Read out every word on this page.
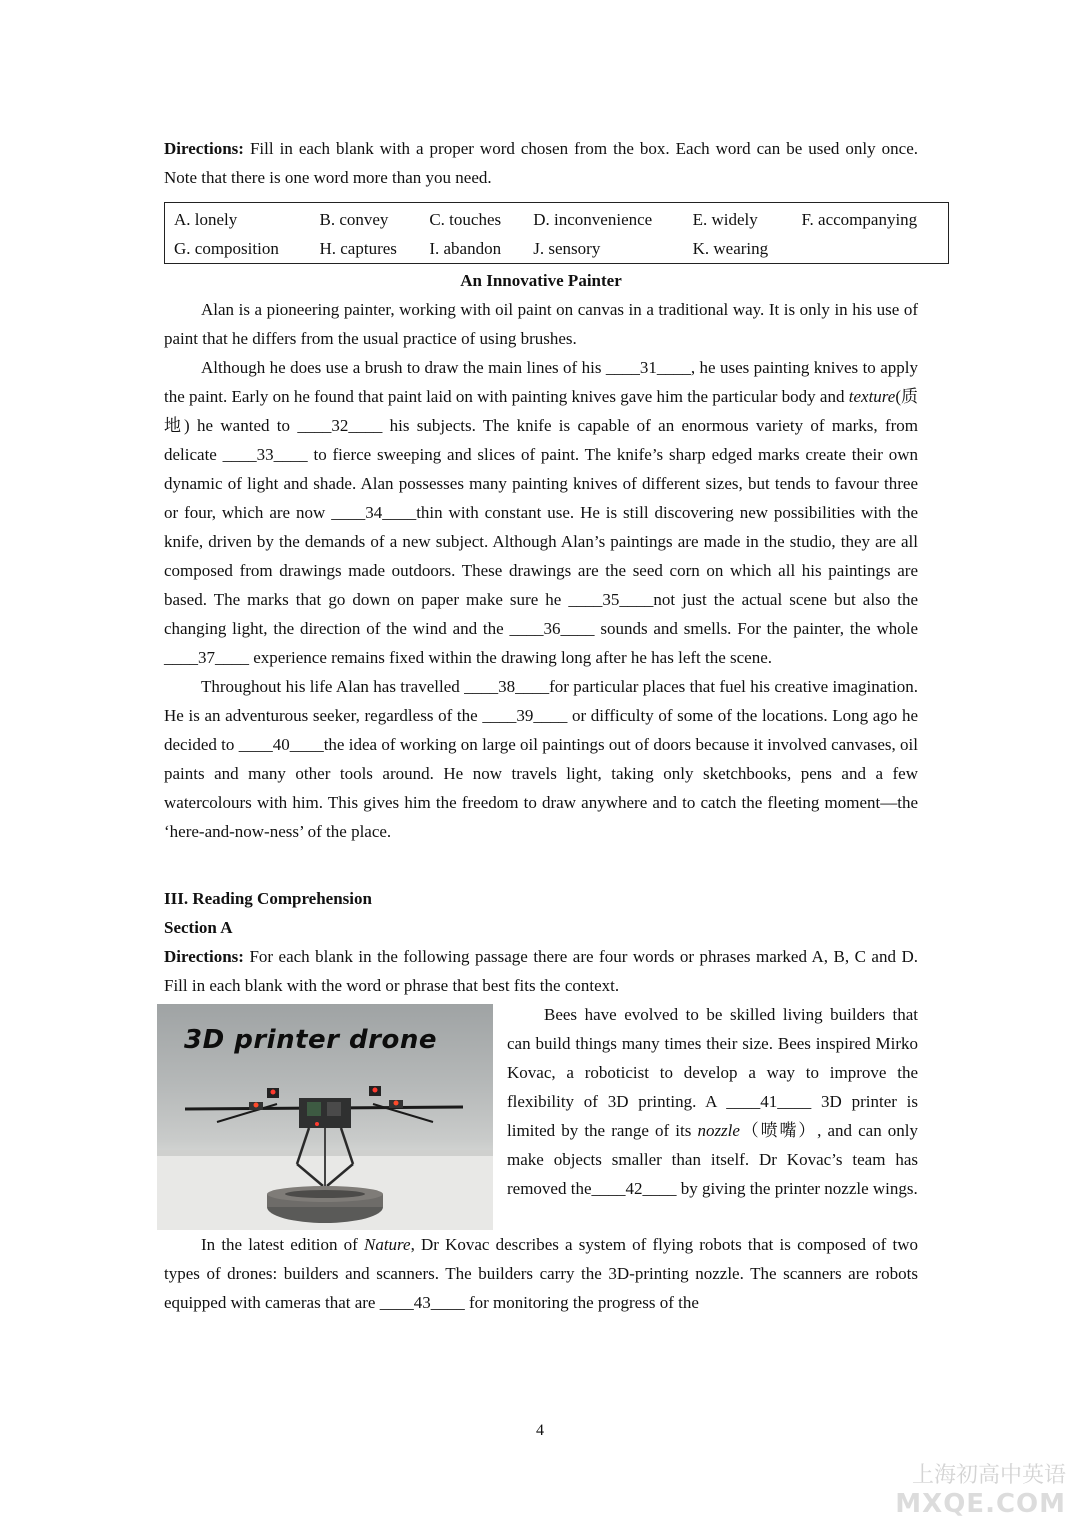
Directions: Fill in each blank with a proper word chosen from the box. Each word can be used only once. Note that there is one word more than you need.

A. lonely	B. convey	C. touches	D. inconvenience	E. widely	F. accompanying
G. composition	H. captures	I. abandon	J. sensory	K. wearing

An Innovative Painter

Alan is a pioneering painter, working with oil paint on canvas in a traditional way. It is only in his use of paint that he differs from the usual practice of using brushes.

Although he does use a brush to draw the main lines of his ____31____, he uses painting knives to apply the paint. Early on he found that paint laid on with painting knives gave him the particular body and texture(质地) he wanted to ____32____ his subjects. The knife is capable of an enormous variety of marks, from delicate ____33____ to fierce sweeping and slices of paint. The knife’s sharp edged marks create their own dynamic of light and shade. Alan possesses many painting knives of different sizes, but tends to favour three or four, which are now ____34____thin with constant use. He is still discovering new possibilities with the knife, driven by the demands of a new subject. Although Alan’s paintings are made in the studio, they are all composed from drawings made outdoors. These drawings are the seed corn on which all his paintings are based. The marks that go down on paper make sure he ____35____not just the actual scene but also the changing light, the direction of the wind and the ____36____ sounds and smells. For the painter, the whole ____37____ experience remains fixed within the drawing long after he has left the scene.

Throughout his life Alan has travelled ____38____for particular places that fuel his creative imagination. He is an adventurous seeker, regardless of the ____39____ or difficulty of some of the locations. Long ago he decided to ____40____the idea of working on large oil paintings out of doors because it involved canvases, oil paints and many other tools around. He now travels light, taking only sketchbooks, pens and a few watercolours with him. This gives him the freedom to draw anywhere and to catch the fleeting moment—the ‘here-and-now-ness’ of the place.

III. Reading Comprehension

Section A

Directions: For each blank in the following passage there are four words or phrases marked A, B, C and D. Fill in each blank with the word or phrase that best fits the context.

3D printer drone

Bees have evolved to be skilled living builders that can build things many times their size. Bees inspired Mirko Kovac, a roboticist to develop a way to improve the flexibility of 3D printing. A ____41____ 3D printer is limited by the range of its nozzle（喷嘴）, and can only make objects smaller than itself. Dr Kovac’s team has removed the____42____ by giving the printer nozzle wings.

In the latest edition of Nature, Dr Kovac describes a system of flying robots that is composed of two types of drones: builders and scanners. The builders carry the 3D-printing nozzle. The scanners are robots equipped with cameras that are ____43____ for monitoring the progress of the

4
上海初高中英语
MXQE.COM
